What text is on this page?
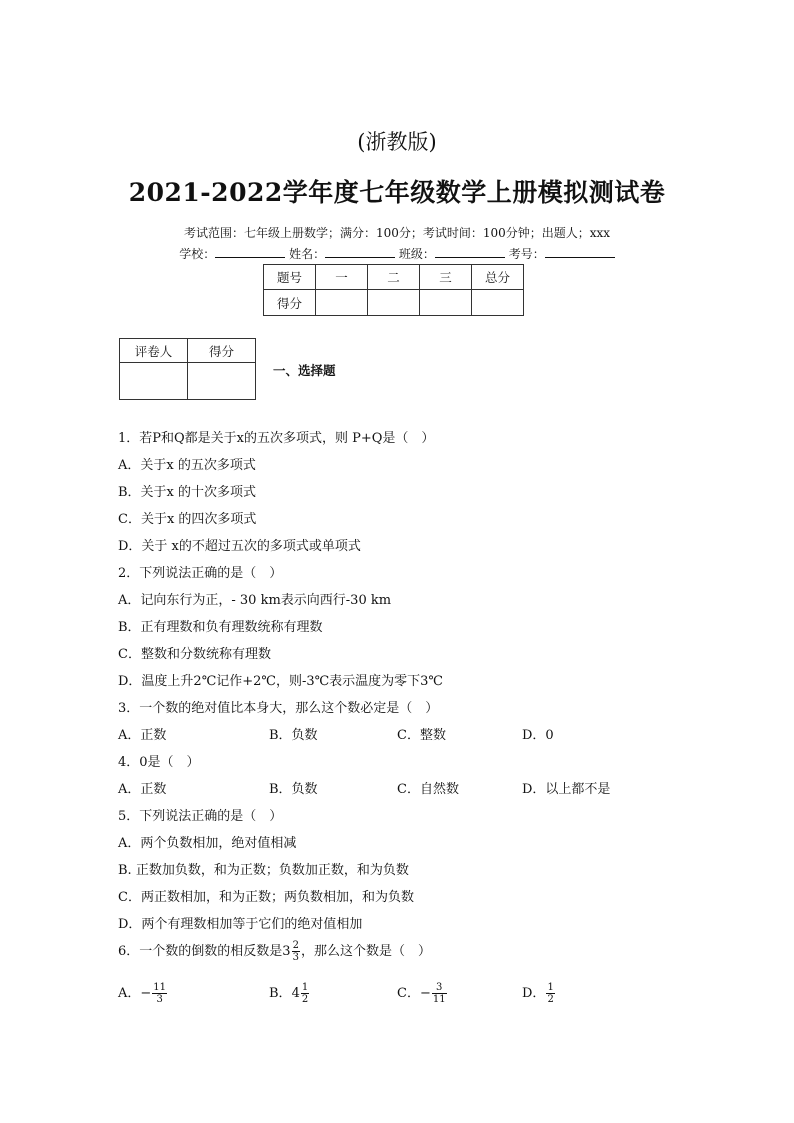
(浙教版)
2021-2022学年度七年级数学上册模拟测试卷
考试范围：七年级上册数学；满分：100分；考试时间：100分钟；出题人；xxx
学校：	姓名：	班级：	考号：
题号	一	二	三	总分
得分				
评卷人	得分

一、选择题
1．若P和Q都是关于x的五次多项式，则 P+Q是（　）
A．关于x 的五次多项式
B．关于x 的十次多项式
C．关于x 的四次多项式
D．关于 x的不超过五次的多项式或单项式
2．下列说法正确的是（　）
A．记向东行为正，- 30 km表示向西行-30 km
B．正有理数和负有理数统称有理数
C．整数和分数统称有理数
D．温度上升2℃记作+2℃，则-3℃表示温度为零下3℃
3．一个数的绝对值比本身大，那么这个数必定是（　）
A．正数	B．负数	C．整数	D．0
4．0是（　）
A．正数	B．负数	C．自然数	D．以上都不是
5．下列说法正确的是（　）
A．两个负数相加，绝对值相减
B. 正数加负数，和为正数；负数加正数，和为负数
C．两正数相加，和为正数；两负数相加，和为负数
D．两个有理数相加等于它们的绝对值相加
6．一个数的倒数的相反数是$3 \frac{2}{3}$ ，那么这个数是（　）
A．− $\frac{11}{3}$	B．$4 \frac{1}{2}$	C．− $\frac{3}{11}$	D． $\frac{1}{2}$
